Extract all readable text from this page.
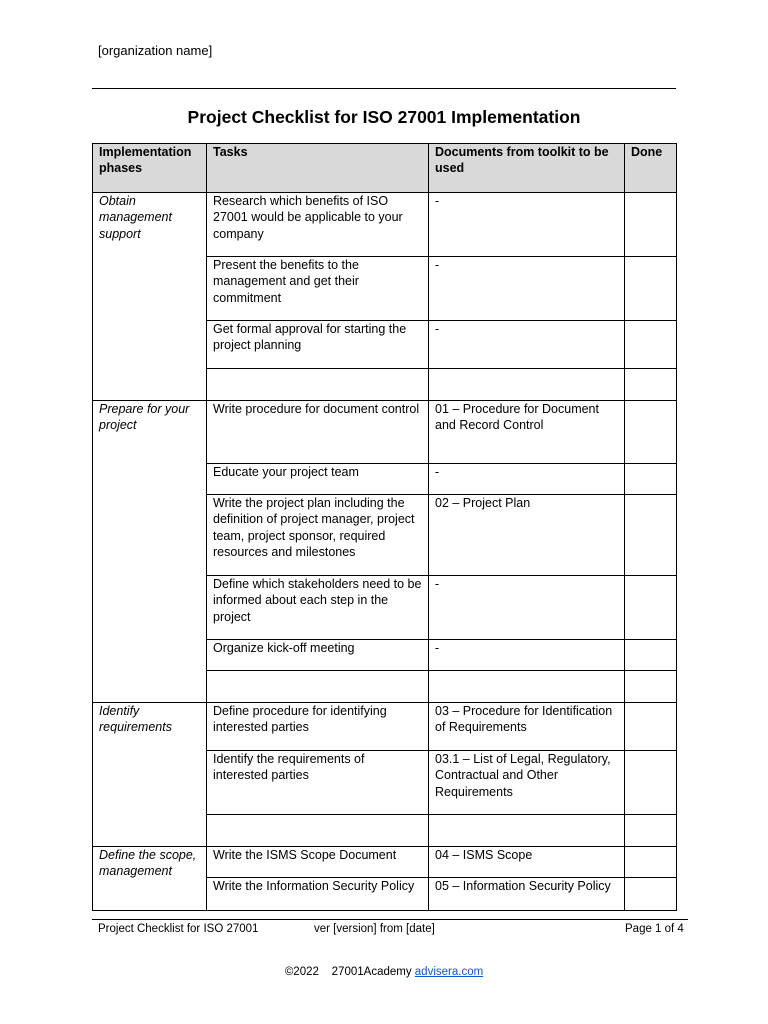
[organization name]
Project Checklist for ISO 27001 Implementation
Implementation phases	Tasks	Documents from toolkit to be used	Done
Obtain management support	Research which benefits of ISO 27001 would be applicable to your company	-	
	Present the benefits to the management and get their commitment	-	
	Get formal approval for starting the project planning	-	

Prepare for your project	Write procedure for document control	01 – Procedure for Document and Record Control	
	Educate your project team	-	
	Write the project plan including the definition of project manager, project team, project sponsor, required resources and milestones	02 – Project Plan	
	Define which stakeholders need to be informed about each step in the project	-	
	Organize kick-off meeting	-	

Identify requirements	Define procedure for identifying interested parties	03 – Procedure for Identification of Requirements	
	Identify the requirements of interested parties	03.1 – List of Legal, Regulatory, Contractual and Other Requirements	

Define the scope, management	Write the ISMS Scope Document	04 – ISMS Scope	
	Write the Information Security Policy	05 – Information Security Policy	
Project Checklist for ISO 27001	ver [version] from [date]	Page 1 of 4
©2022    27001Academy advisera.com
